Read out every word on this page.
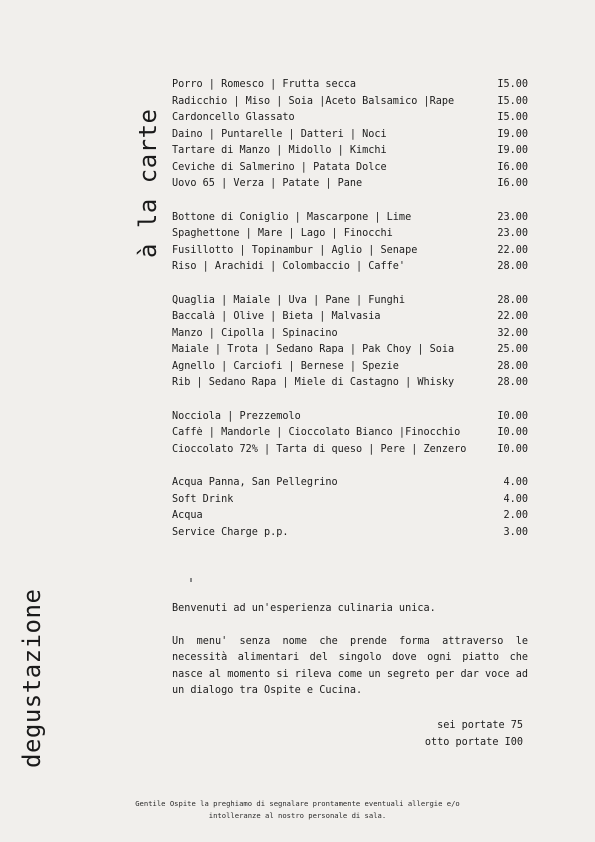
à la carte
degustazione
Porro | Romesco | Frutta secca	I5.00
Radicchio | Miso | Soia |Aceto Balsamico |Rape	I5.00
Cardoncello Glassato	I5.00
Daino | Puntarelle | Datteri | Noci	I9.00
Tartare di Manzo | Midollo | Kimchi	I9.00
Ceviche di Salmerino | Patata Dolce	I6.00
Uovo 65 | Verza | Patate | Pane	I6.00
Bottone di Coniglio | Mascarpone | Lime	23.00
Spaghettone | Mare | Lago | Finocchi	23.00
Fusillotto | Topinambur | Aglio | Senape	22.00
Riso | Arachidi | Colombaccio | Caffe'	28.00
Quaglia | Maiale | Uva | Pane | Funghi	28.00
Baccalà | Olive | Bieta | Malvasia	22.00
Manzo | Cipolla | Spinacino	32.00
Maiale | Trota | Sedano Rapa | Pak Choy | Soia	25.00
Agnello | Carciofi | Bernese | Spezie	28.00
Rib | Sedano Rapa | Miele di Castagno | Whisky	28.00
Nocciola | Prezzemolo	I0.00
Caffè | Mandorle | Cioccolato Bianco |Finocchio	I0.00
Cioccolato 72% | Tarta di queso | Pere | Zenzero	I0.00
Acqua Panna, San Pellegrino	4.00
Soft Drink	4.00
Acqua	2.00
Service Charge p.p.	3.00

Benvenuti ad un'esperienza culinaria unica.

Un menu' senza nome che prende forma attraverso le necessità alimentari del singolo dove ogni piatto che nasce al momento si rileva come un segreto per dar voce ad un dialogo tra Ospite e Cucina.

sei portate 75
otto portate I00
Gentile Ospite la preghiamo di segnalare prontamente eventuali allergie e/o
intolleranze al nostro personale di sala.
